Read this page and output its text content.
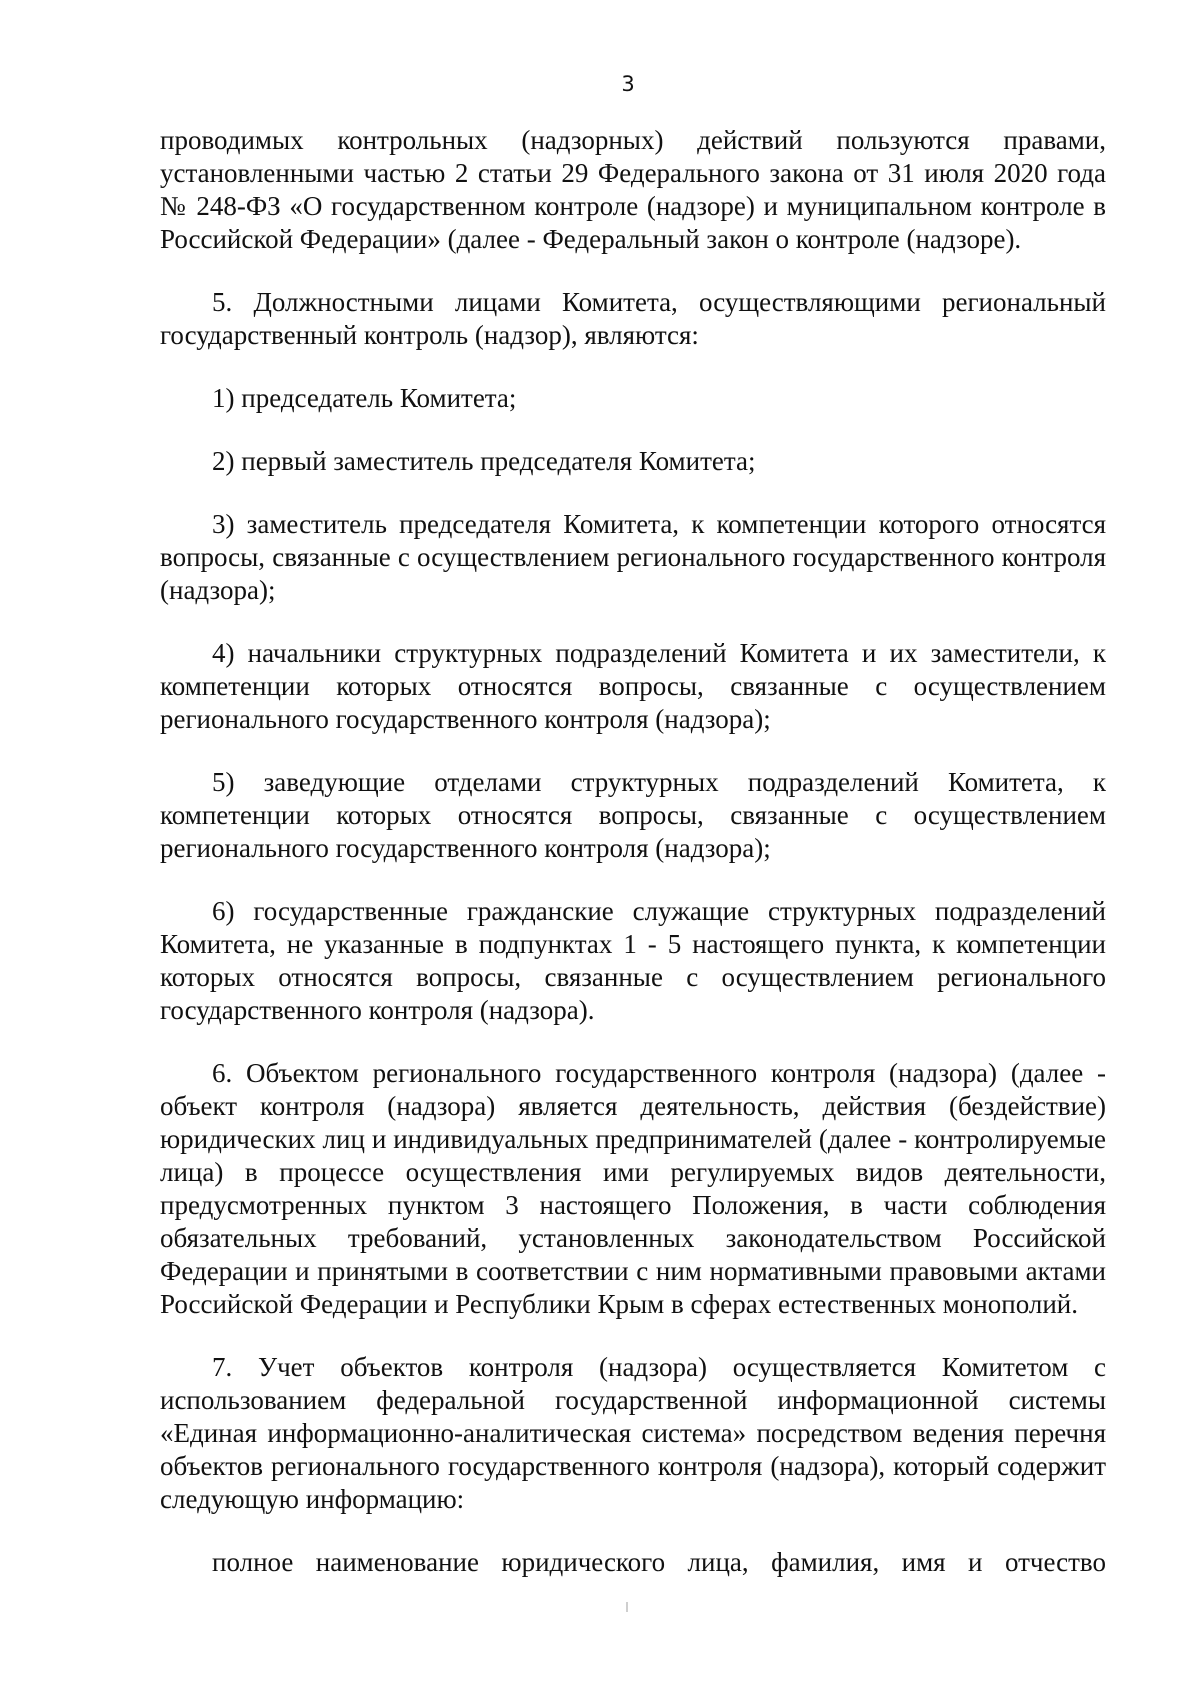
3

проводимых контрольных (надзорных) действий пользуются правами, установленными частью 2 статьи 29 Федерального закона от 31 июля 2020 года № 248-ФЗ «О государственном контроле (надзоре) и муниципальном контроле в Российской Федерации» (далее - Федеральный закон о контроле (надзоре).

5. Должностными лицами Комитета, осуществляющими региональный государственный контроль (надзор), являются:

1) председатель Комитета;

2) первый заместитель председателя Комитета;

3) заместитель председателя Комитета, к компетенции которого относятся вопросы, связанные с осуществлением регионального государственного контроля (надзора);

4) начальники структурных подразделений Комитета и их заместители, к компетенции которых относятся вопросы, связанные с осуществлением регионального государственного контроля (надзора);

5) заведующие отделами структурных подразделений Комитета, к компетенции которых относятся вопросы, связанные с осуществлением регионального государственного контроля (надзора);

6) государственные гражданские служащие структурных подразделений Комитета, не указанные в подпунктах 1 - 5 настоящего пункта, к компетенции которых относятся вопросы, связанные с осуществлением регионального государственного контроля (надзора).

6. Объектом регионального государственного контроля (надзора) (далее - объект контроля (надзора) является деятельность, действия (бездействие) юридических лиц и индивидуальных предпринимателей (далее - контролируемые лица) в процессе осуществления ими регулируемых видов деятельности, предусмотренных пунктом 3 настоящего Положения, в части соблюдения обязательных требований, установленных законодательством Российской Федерации и принятыми в соответствии с ним нормативными правовыми актами Российской Федерации и Республики Крым в сферах естественных монополий.

7. Учет объектов контроля (надзора) осуществляется Комитетом с использованием федеральной государственной информационной системы «Единая информационно-аналитическая система» посредством ведения перечня объектов регионального государственного контроля (надзора), который содержит следующую информацию:

полное наименование юридического лица, фамилия, имя и отчество
